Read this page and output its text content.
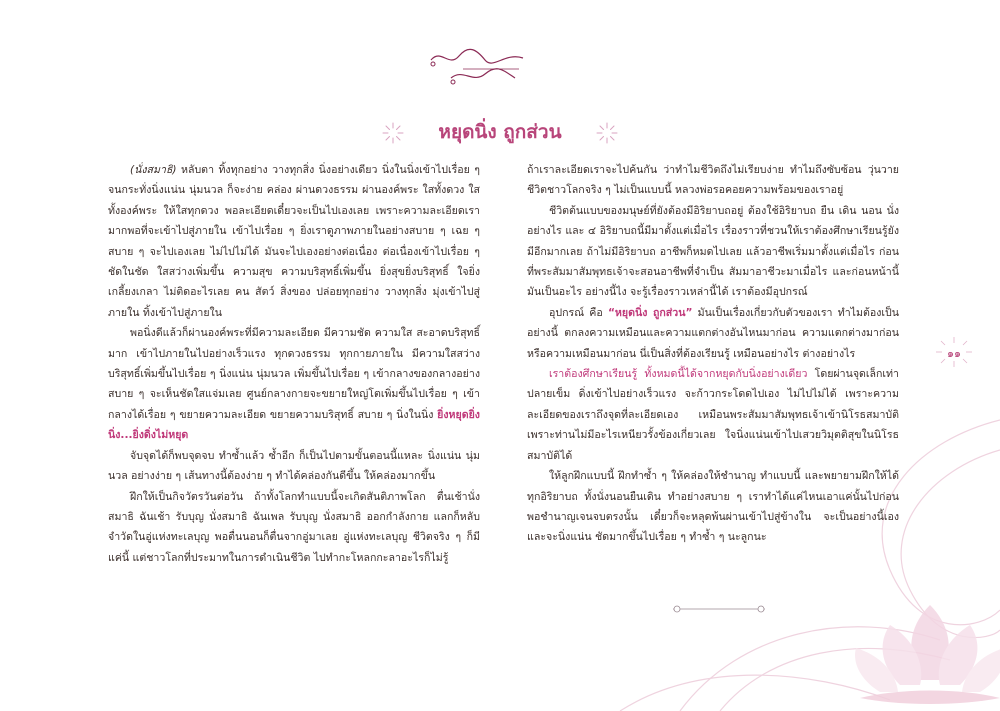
หยุดนิ่ง ถูกส่วน

(นั่งสมาธิ) หลับตา ทิ้งทุกอย่าง วางทุกสิ่ง นิ่งอย่างเดียว นิ่งในนิ่งเข้าไปเรื่อย ๆ จนกระทั่งนิ่งแน่น นุ่มนวล ก็จะง่าย คล่อง ผ่านดวงธรรม ผ่านองค์พระ ใสทั้งดวง ใสทั้งองค์พระ ให้ใสทุกดวง พอละเอียดเดี๋ยวจะเป็นไปเองเลย เพราะความละเอียดเรามากพอที่จะเข้าไปสู่ภายใน เข้าไปเรื่อย ๆ ยิ่งเราดูภาพภายในอย่างสบาย ๆ เฉย ๆ สบาย ๆ จะไปเองเลย ไม่ไปไม่ได้ มันจะไปเองอย่างต่อเนื่อง ต่อเนื่องเข้าไปเรื่อย ๆ ชัดในชัด ใสสว่างเพิ่มขึ้น ความสุข ความบริสุทธิ์เพิ่มขึ้น ยิ่งสุขยิ่งบริสุทธิ์ ใจยิ่งเกลี้ยงเกลา ไม่ติดอะไรเลย คน สัตว์ สิ่งของ ปล่อยทุกอย่าง วางทุกสิ่ง มุ่งเข้าไปสู่ภายใน ทิ้งเข้าไปสู่ภายใน

พอนิ่งดีแล้วก็ผ่านองค์พระที่มีความละเอียด มีความชัด ความใส สะอาดบริสุทธิ์มาก เข้าไปภายในไปอย่างเร็วแรง ทุกดวงธรรม ทุกกายภายใน มีความใสสว่างบริสุทธิ์เพิ่มขึ้นไปเรื่อย ๆ นิ่งแน่น นุ่มนวล เพิ่มขึ้นไปเรื่อย ๆ เข้ากลางของกลางอย่างสบาย ๆ จะเห็นชัดใสแจ่มเลย ศูนย์กลางกายจะขยายใหญ่โตเพิ่มขึ้นไปเรื่อย ๆ เข้ากลางได้เรื่อย ๆ ขยายความละเอียด ขยายความบริสุทธิ์ สบาย ๆ นิ่งในนิ่ง ยิ่งหยุดยิ่งนิ่ง...ยิ่งดิ่งไม่หยุด

จับจุดได้ก็พบจุดจบ ทำซ้ำแล้ว ซ้ำอีก ก็เป็นไปตามขั้นตอนนี้แหละ นิ่งแน่น นุ่มนวล อย่างง่าย ๆ เส้นทางนี้ต้องง่าย ๆ ทำได้คล่องกันดีขึ้น ให้คล่องมากขึ้น

ฝึกให้เป็นกิจวัตรวันต่อวัน ถ้าทั้งโลกทำแบบนี้จะเกิดสันติภาพโลก ตื่นเช้านั่งสมาธิ ฉันเช้า รับบุญ นั่งสมาธิ ฉันเพล รับบุญ นั่งสมาธิ ออกกำลังกาย แลกก็หลับจำวัดในอู่แห่งทะเลบุญ พอตื่นนอนก็ตื่นจากอู่มาเลย อู่แห่งทะเลบุญ ชีวิตจริง ๆ ก็มีแค่นี้ แต่ชาวโลกที่ประมาทในการดำเนินชีวิต ไปทำกะโหลกกะลาอะไรก็ไม่รู้

ถ้าเราละเอียดเราจะไปค้นกัน ว่าทำไมชีวิตถึงไม่เรียบง่าย ทำไมถึงซับซ้อน วุ่นวาย ชีวิตชาวโลกจริง ๆ ไม่เป็นแบบนี้ หลวงพ่อรอคอยความพร้อมของเราอยู่

ชีวิตต้นแบบของมนุษย์ที่ยังต้องมีอิริยาบถอยู่ ต้องใช้อิริยาบถ ยืน เดิน นอน นั่งอย่างไร และ ๔ อิริยาบถนี้มีมาตั้งแต่เมื่อไร เรื่องราวที่ชวนให้เราต้องศึกษาเรียนรู้ยังมีอีกมากเลย ถ้าไม่มีอิริยาบถ อาชีพก็หมดไปเลย แล้วอาชีพเริ่มมาตั้งแต่เมื่อไร ก่อนที่พระสัมมาสัมพุทธเจ้าจะสอนอาชีพที่จำเป็น สัมมาอาชีวะมาเมื่อไร และก่อนหน้านี้มันเป็นอะไร อย่างนี้ไง จะรู้เรื่องราวเหล่านี้ได้ เราต้องมีอุปกรณ์

อุปกรณ์ คือ “หยุดนิ่ง ถูกส่วน” มันเป็นเรื่องเกี่ยวกับตัวของเรา ทำไมต้องเป็นอย่างนี้ ตกลงความเหมือนและความแตกต่างอันไหนมาก่อน ความแตกต่างมาก่อน หรือความเหมือนมาก่อน นี่เป็นสิ่งที่ต้องเรียนรู้ เหมือนอย่างไร ต่างอย่างไร

เราต้องศึกษาเรียนรู้ ทั้งหมดนี้ได้จากหยุดกับนิ่งอย่างเดียว โดยผ่านจุดเล็กเท่าปลายเข็ม ดิ่งเข้าไปอย่างเร็วแรง จะก้าวกระโดดไปเอง ไม่ไปไม่ได้ เพราะความละเอียดของเราถึงจุดที่ละเอียดเอง เหมือนพระสัมมาสัมพุทธเจ้าเข้านิโรธสมาบัติ เพราะท่านไม่มีอะไรเหนียวรั้งข้องเกี่ยวเลย ใจนิ่งแน่นเข้าไปเสวยวิมุตติสุขในนิโรธสมาบัติได้

ให้ลูกฝึกแบบนี้ ฝึกทำซ้ำ ๆ ให้คล่องให้ชำนาญ ทำแบบนี้ และพยายามฝึกให้ได้ทุกอิริยาบถ ทั้งนั่งนอนยืนเดิน ทำอย่างสบาย ๆ เราทำได้แค่ไหนเอาแค่นั้นไปก่อน พอชำนาญเจนจบตรงนั้น เดี๋ยวก็จะหลุดพ้นผ่านเข้าไปสู่ข้างใน จะเป็นอย่างนี้เอง และจะนิ่งแน่น ชัดมากขึ้นไปเรื่อย ๆ ทำซ้ำ ๆ นะลูกนะ

๑๑
